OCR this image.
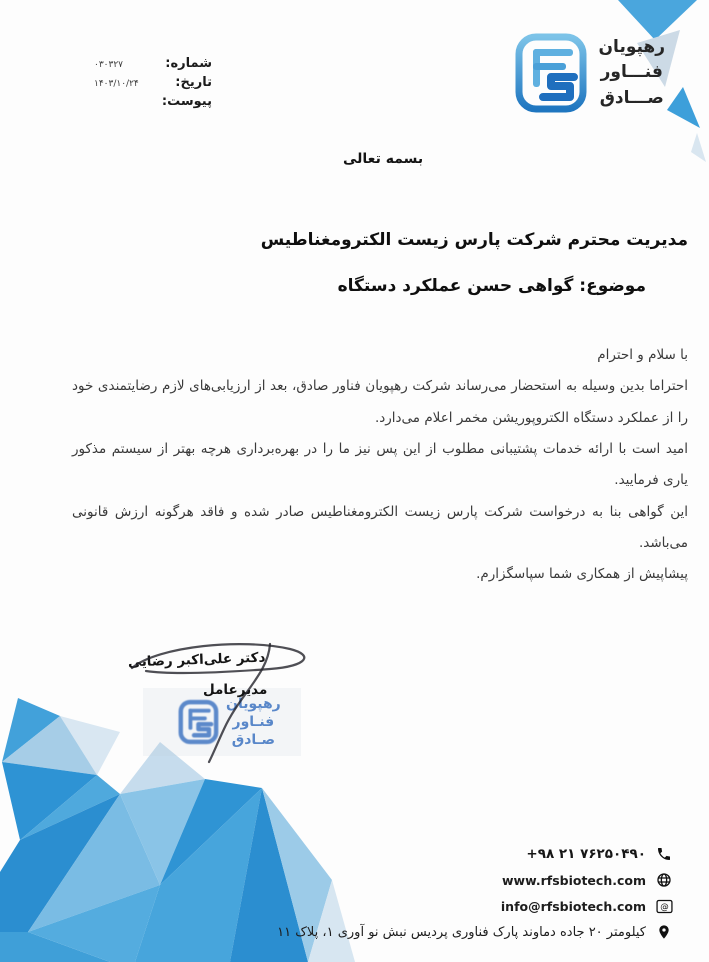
شماره:
۰۳۰۳۲۷
تاریخ:
۱۴۰۳/۱۰/۲۴
پیوست:
رهپویان
فنـــاور
صـــادق
بسمه تعالی
مدیریت محترم شرکت پارس زیست الکترومغناطیس
موضوع: گواهی حسن عملکرد دستگاه

با سلام و احترام

احتراما بدین وسیله به استحضار می‌رساند شرکت رهپویان فناور صادق، بعد از ارزیابی‌های لازم رضایتمندی خود را از عملکرد دستگاه الکتروپوریشن مخمر اعلام می‌دارد.

امید است با ارائه خدمات پشتیبانی مطلوب از این پس نیز ما را در بهره‌برداری هرچه بهتر از سیستم مذکور یاری فرمایید.

این گواهی بنا به درخواست شرکت پارس زیست الکترومغناطیس صادر شده و فاقد هرگونه ارزش قانونی می‌باشد.

پیشاپیش از همکاری شما سپاسگزارم.

دکتر علی‌اکبر رضایی
مدیرعامل
رهپویان
فنـاور
صـادق
+۹۸ ۲۱ ۷۶۲۵۰۴۹۰
www.rfsbiotech.com
info@rfsbiotech.com @
کیلومتر ۲۰ جاده دماوند پارک فناوری پردیس نبش نو آوری ۱، پلاک ۱۱
